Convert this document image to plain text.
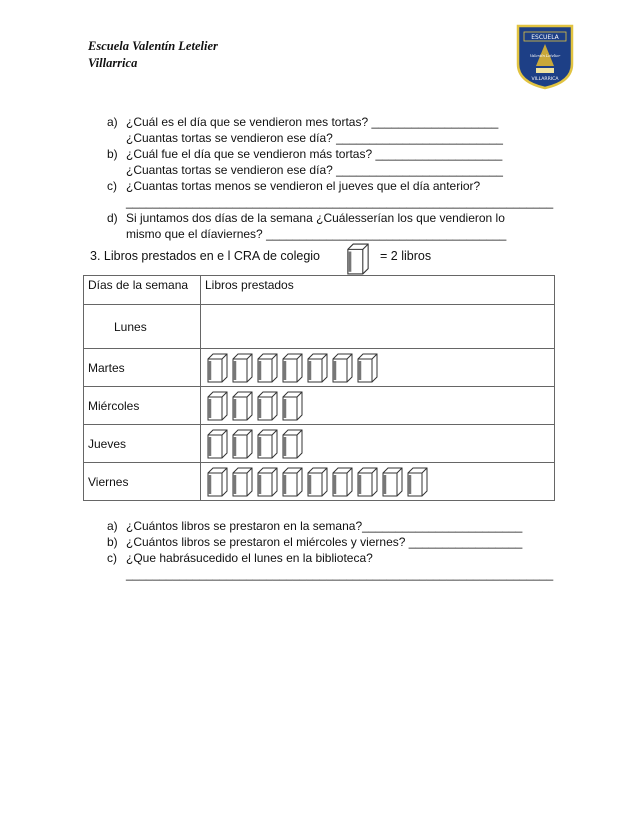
Escuela Valentín Letelier
Villarrica
ESCUELA
Valentín Letelier
VILLARRICA
a) ¿Cuál es el día que se vendieron mes tortas? ___________________
¿Cuantas tortas se vendieron ese día? _________________________
b) ¿Cuál fue el día que se vendieron más tortas? ___________________
¿Cuantas tortas se vendieron ese día? _________________________
c) ¿Cuantas tortas menos se vendieron el jueves que el día anterior?
________________________________________________________________
d) Si juntamos dos días de la semana ¿Cuálesserían los que vendieron lo
mismo que el díaviernes? ____________________________________
3. Libros prestados en e l CRA de colegio	= 2 libros
Días de la semana	Libros prestados
Lunes	
Martes	
Miércoles	
Jueves	
Viernes	
a) ¿Cuántos libros se prestaron en la semana?________________________
b) ¿Cuántos libros se prestaron el miércoles y viernes? _________________
c) ¿Que habrásucedido el lunes en la biblioteca?
________________________________________________________________
